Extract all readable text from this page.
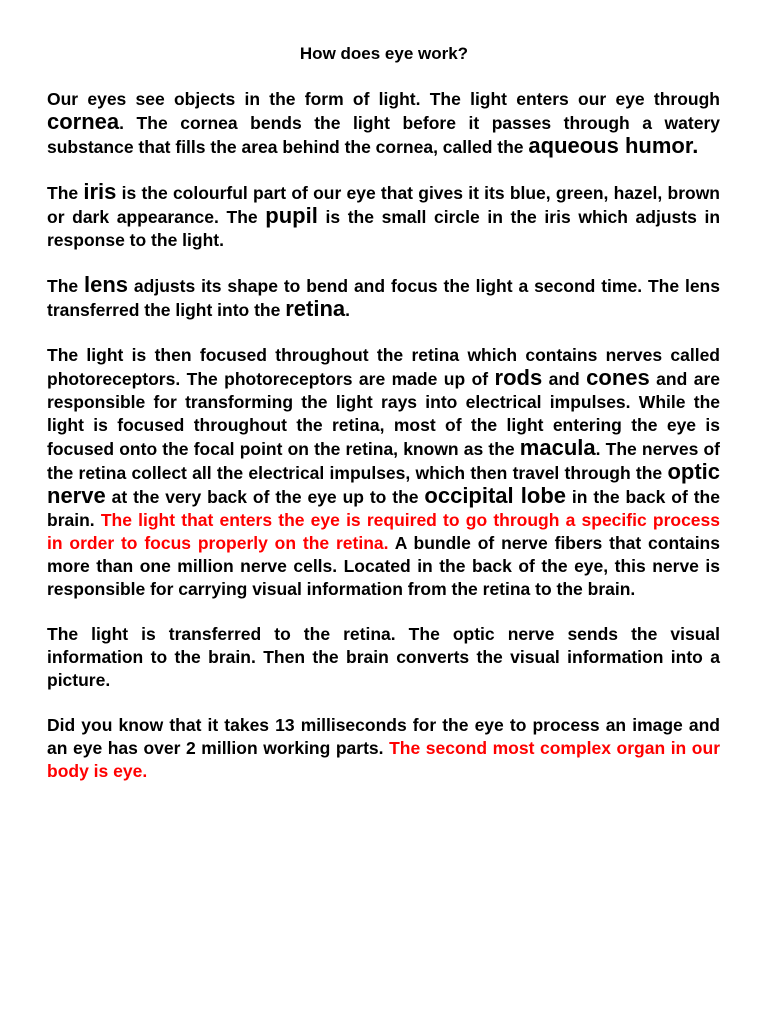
How does eye work?

Our eyes see objects in the form of light. The light enters our eye through cornea. The cornea bends the light before it passes through a watery substance that fills the area behind the cornea, called the aqueous humor.

The iris is the colourful part of our eye that gives it its blue, green, hazel, brown or dark appearance. The pupil is the small circle in the iris which adjusts in response to the light.

The lens adjusts its shape to bend and focus the light a second time. The lens transferred the light into the retina.

The light is then focused throughout the retina which contains nerves called photoreceptors. The photoreceptors are made up of rods and cones and are responsible for transforming the light rays into electrical impulses. While the light is focused throughout the retina, most of the light entering the eye is focused onto the focal point on the retina, known as the macula. The nerves of the retina collect all the electrical impulses, which then travel through the optic nerve at the very back of the eye up to the occipital lobe in the back of the brain. The light that enters the eye is required to go through a specific process in order to focus properly on the retina. A bundle of nerve fibers that contains more than one million nerve cells. Located in the back of the eye, this nerve is responsible for carrying visual information from the retina to the brain.

The light is transferred to the retina. The optic nerve sends the visual information to the brain. Then the brain converts the visual information into a picture.

Did you know that it takes 13 milliseconds for the eye to process an image and an eye has over 2 million working parts. The second most complex organ in our body is eye.
